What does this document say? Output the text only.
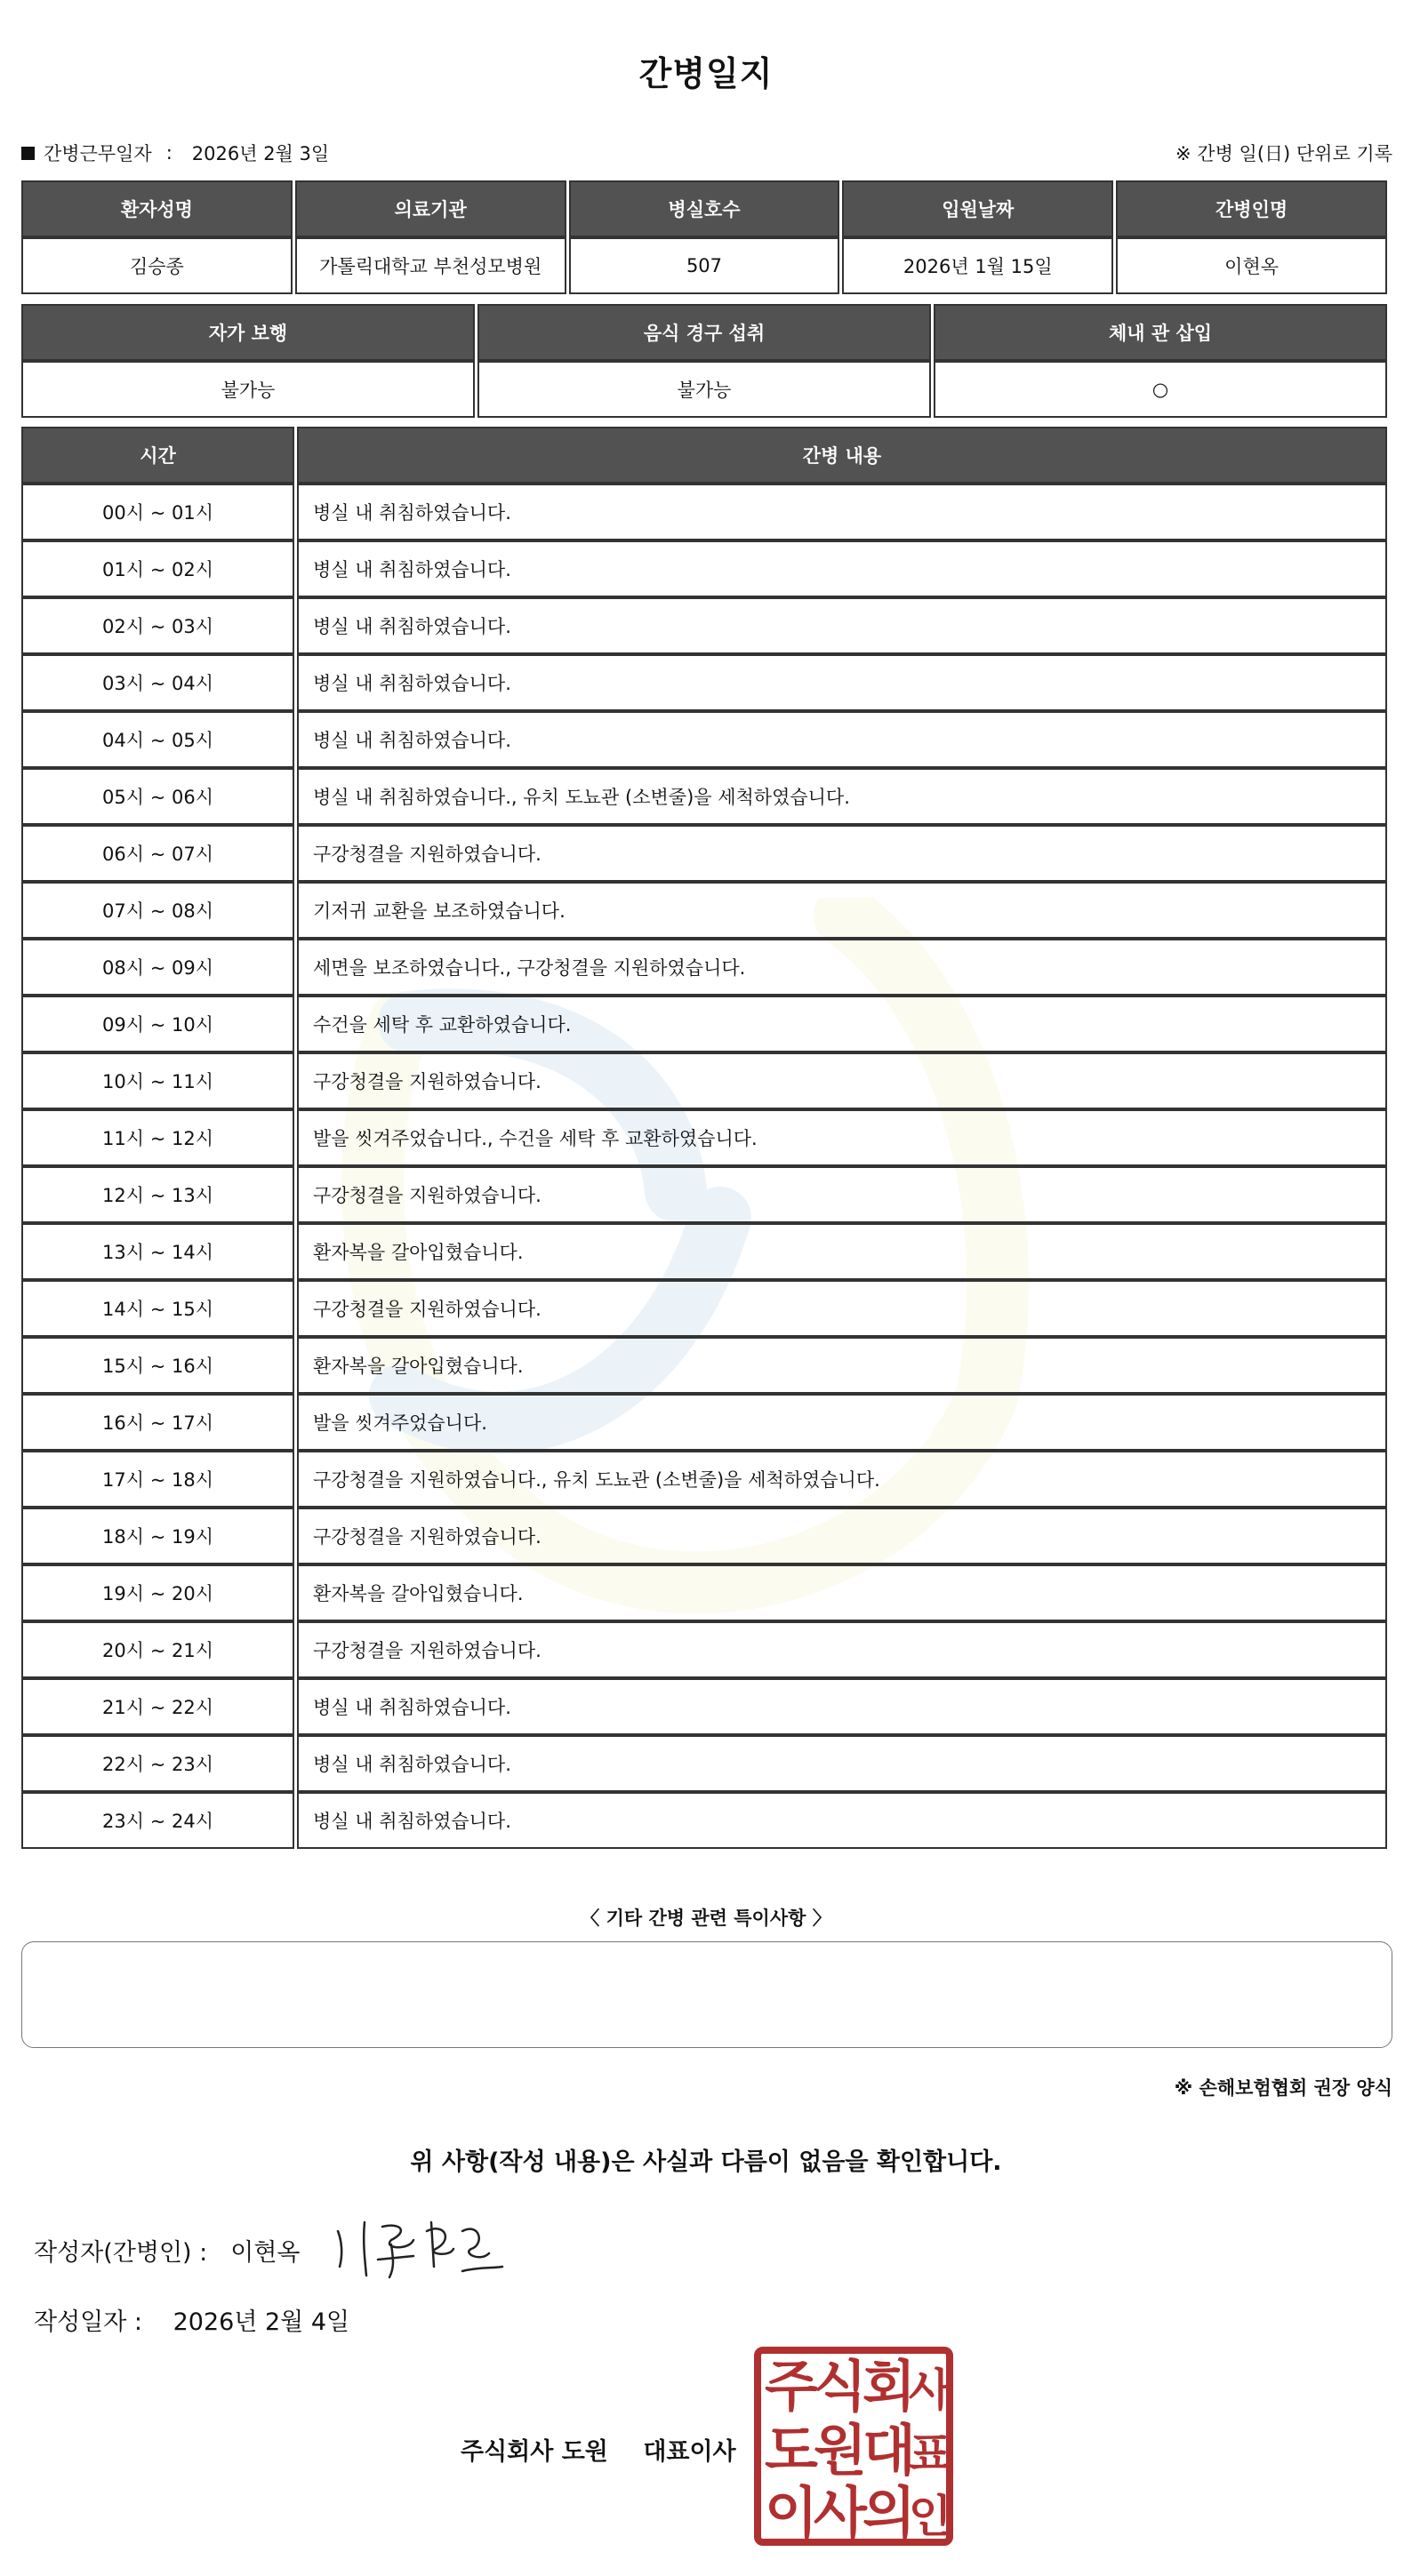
간병일지
간병근무일자 : 2026년 2월 3일	※ 간병 일(日) 단위로 기록
환자성명	의료기관	병실호수	입원날짜	간병인명
김승종	가톨릭대학교 부천성모병원	507	2026년 1월 15일	이현옥
자가 보행	음식 경구 섭취	체내 관 삽입
불가능	불가능	○
시간	간병 내용
00시 ~ 01시	병실 내 취침하였습니다.
01시 ~ 02시	병실 내 취침하였습니다.
02시 ~ 03시	병실 내 취침하였습니다.
03시 ~ 04시	병실 내 취침하였습니다.
04시 ~ 05시	병실 내 취침하였습니다.
05시 ~ 06시	병실 내 취침하였습니다., 유치 도뇨관 (소변줄)을 세척하였습니다.
06시 ~ 07시	구강청결을 지원하였습니다.
07시 ~ 08시	기저귀 교환을 보조하였습니다.
08시 ~ 09시	세면을 보조하였습니다., 구강청결을 지원하였습니다.
09시 ~ 10시	수건을 세탁 후 교환하였습니다.
10시 ~ 11시	구강청결을 지원하였습니다.
11시 ~ 12시	발을 씻겨주었습니다., 수건을 세탁 후 교환하였습니다.
12시 ~ 13시	구강청결을 지원하였습니다.
13시 ~ 14시	환자복을 갈아입혔습니다.
14시 ~ 15시	구강청결을 지원하였습니다.
15시 ~ 16시	환자복을 갈아입혔습니다.
16시 ~ 17시	발을 씻겨주었습니다.
17시 ~ 18시	구강청결을 지원하였습니다., 유치 도뇨관 (소변줄)을 세척하였습니다.
18시 ~ 19시	구강청결을 지원하였습니다.
19시 ~ 20시	환자복을 갈아입혔습니다.
20시 ~ 21시	구강청결을 지원하였습니다.
21시 ~ 22시	병실 내 취침하였습니다.
22시 ~ 23시	병실 내 취침하였습니다.
23시 ~ 24시	병실 내 취침하였습니다.
〈 기타 간병 관련 특이사항 〉
※ 손해보험협회 권장 양식
위 사항(작성 내용)은 사실과 다름이 없음을 확인합니다.
작성자(간병인) : 이현옥
작성일자 : 2026년 2월 4일
주식회사 도원 대표이사
주
식
회
사
도
원
대
표
이
사
의
인
